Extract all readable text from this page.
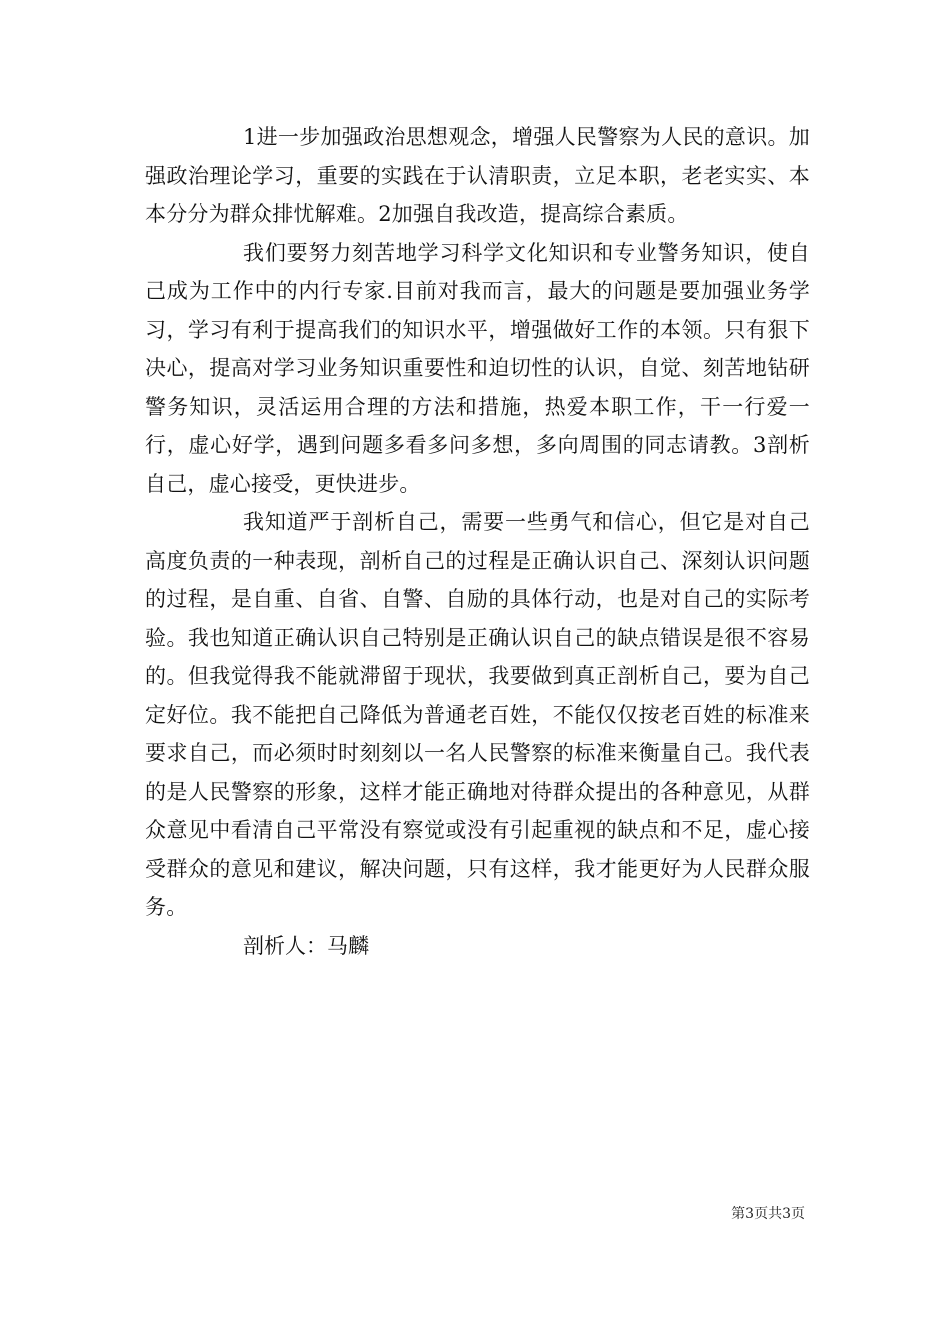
1进一步加强政治思想观念，增强人民警察为人民的意识。加强政治理论学习，重要的实践在于认清职责，立足本职，老老实实、本本分分为群众排忧解难。2加强自我改造，提高综合素质。

我们要努力刻苦地学习科学文化知识和专业警务知识，使自己成为工作中的内行专家.目前对我而言，最大的问题是要加强业务学习，学习有利于提高我们的知识水平，增强做好工作的本领。只有狠下决心，提高对学习业务知识重要性和迫切性的认识，自觉、刻苦地钻研警务知识，灵活运用合理的方法和措施，热爱本职工作，干一行爱一行，虚心好学，遇到问题多看多问多想，多向周围的同志请教。3剖析自己，虚心接受，更快进步。

我知道严于剖析自己，需要一些勇气和信心，但它是对自己高度负责的一种表现，剖析自己的过程是正确认识自己、深刻认识问题的过程，是自重、自省、自警、自励的具体行动，也是对自己的实际考验。我也知道正确认识自己特别是正确认识自己的缺点错误是很不容易的。但我觉得我不能就滞留于现状，我要做到真正剖析自己，要为自己定好位。我不能把自己降低为普通老百姓，不能仅仅按老百姓的标准来要求自己，而必须时时刻刻以一名人民警察的标准来衡量自己。我代表的是人民警察的形象，这样才能正确地对待群众提出的各种意见，从群众意见中看清自己平常没有察觉或没有引起重视的缺点和不足，虚心接受群众的意见和建议，解决问题，只有这样，我才能更好为人民群众服务。

剖析人：马麟

第3页共3页
